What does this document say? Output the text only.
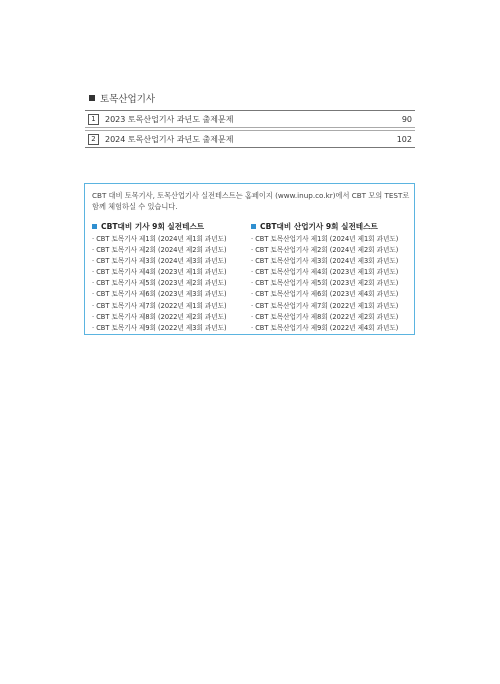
토목산업기사
1	2023 토목산업기사 과년도 출제문제	90
2	2024 토목산업기사 과년도 출제문제	102

CBT 대비 토목기사, 토목산업기사 실전테스트는 홈페이지 (www.inup.co.kr)에서 CBT 모의 TEST로 함께 체험하실 수 있습니다.

CBT대비 기사 9회 실전테스트
· CBT 토목기사 제1회 (2024년 제1회 과년도)
· CBT 토목기사 제2회 (2024년 제2회 과년도)
· CBT 토목기사 제3회 (2024년 제3회 과년도)
· CBT 토목기사 제4회 (2023년 제1회 과년도)
· CBT 토목기사 제5회 (2023년 제2회 과년도)
· CBT 토목기사 제6회 (2023년 제3회 과년도)
· CBT 토목기사 제7회 (2022년 제1회 과년도)
· CBT 토목기사 제8회 (2022년 제2회 과년도)
· CBT 토목기사 제9회 (2022년 제3회 과년도)
CBT대비 산업기사 9회 실전테스트
· CBT 토목산업기사 제1회 (2024년 제1회 과년도)
· CBT 토목산업기사 제2회 (2024년 제2회 과년도)
· CBT 토목산업기사 제3회 (2024년 제3회 과년도)
· CBT 토목산업기사 제4회 (2023년 제1회 과년도)
· CBT 토목산업기사 제5회 (2023년 제2회 과년도)
· CBT 토목산업기사 제6회 (2023년 제4회 과년도)
· CBT 토목산업기사 제7회 (2022년 제1회 과년도)
· CBT 토목산업기사 제8회 (2022년 제2회 과년도)
· CBT 토목산업기사 제9회 (2022년 제4회 과년도)
